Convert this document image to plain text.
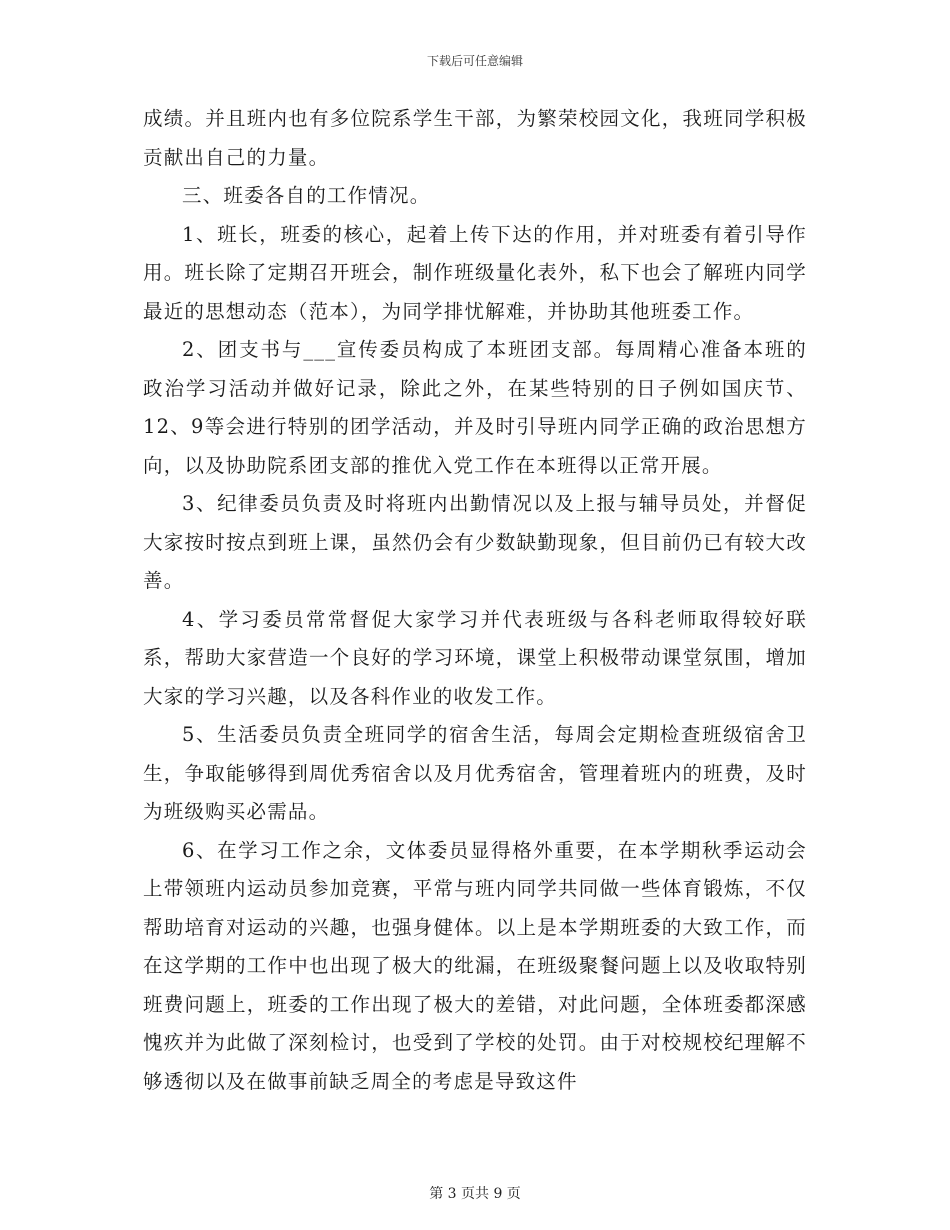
下载后可任意编辑

成绩。并且班内也有多位院系学生干部，为繁荣校园文化，我班同学积极贡献出自己的力量。

三、班委各自的工作情况。

1、班长，班委的核心，起着上传下达的作用，并对班委有着引导作用。班长除了定期召开班会，制作班级量化表外，私下也会了解班内同学最近的思想动态（范本），为同学排忧解难，并协助其他班委工作。

2、团支书与___宣传委员构成了本班团支部。每周精心准备本班的政治学习活动并做好记录，除此之外，在某些特别的日子例如国庆节、12、9等会进行特别的团学活动，并及时引导班内同学正确的政治思想方向，以及协助院系团支部的推优入党工作在本班得以正常开展。

3、纪律委员负责及时将班内出勤情况以及上报与辅导员处，并督促大家按时按点到班上课，虽然仍会有少数缺勤现象，但目前仍已有较大改善。

4、学习委员常常督促大家学习并代表班级与各科老师取得较好联系，帮助大家营造一个良好的学习环境，课堂上积极带动课堂氛围，增加大家的学习兴趣，以及各科作业的收发工作。

5、生活委员负责全班同学的宿舍生活，每周会定期检查班级宿舍卫生，争取能够得到周优秀宿舍以及月优秀宿舍，管理着班内的班费，及时为班级购买必需品。

6、在学习工作之余，文体委员显得格外重要，在本学期秋季运动会上带领班内运动员参加竞赛，平常与班内同学共同做一些体育锻炼，不仅帮助培育对运动的兴趣，也强身健体。以上是本学期班委的大致工作，而在这学期的工作中也出现了极大的纰漏，在班级聚餐问题上以及收取特别班费问题上，班委的工作出现了极大的差错，对此问题，全体班委都深感愧疚并为此做了深刻检讨，也受到了学校的处罚。由于对校规校纪理解不够透彻以及在做事前缺乏周全的考虑是导致这件

第 3 页共 9 页
